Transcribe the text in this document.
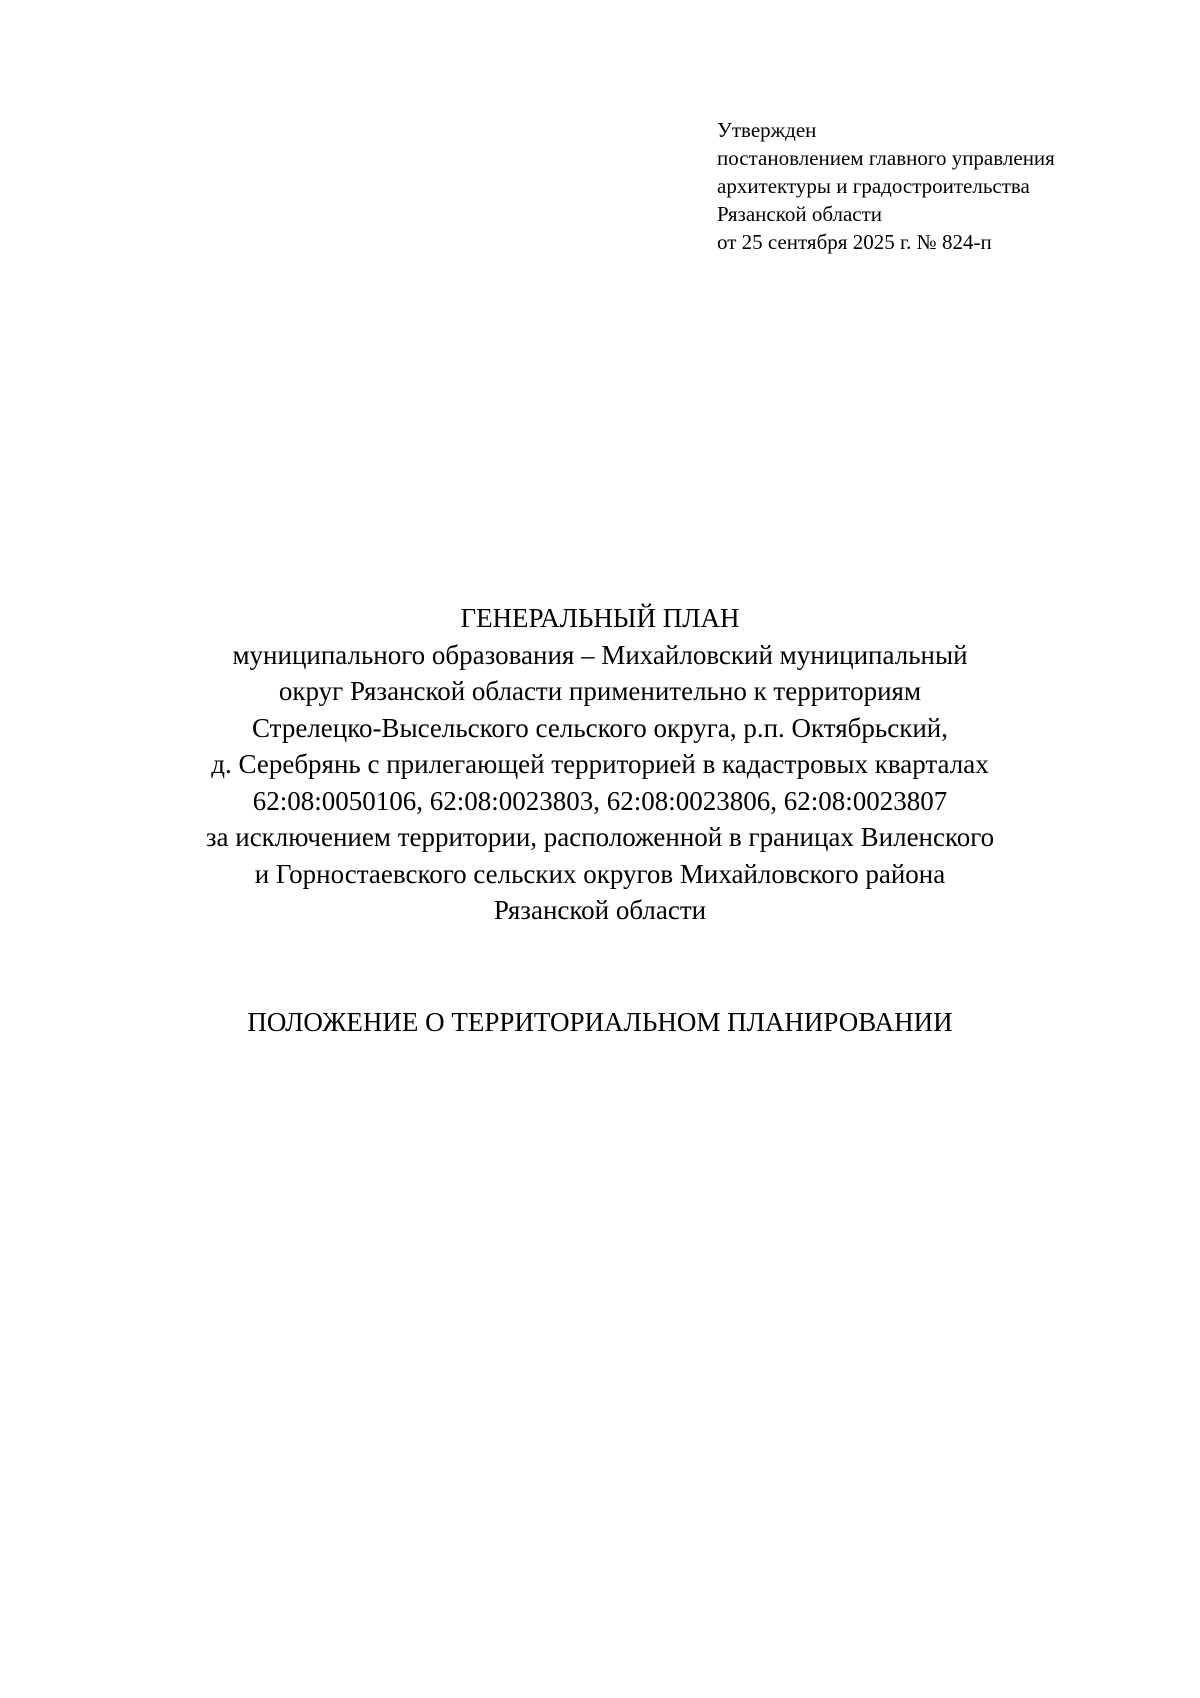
Утвержден
постановлением главного управления
архитектуры и градостроительства
Рязанской области
от 25 сентября 2025 г. № 824-п
ГЕНЕРАЛЬНЫЙ ПЛАН
муниципального образования – Михайловский муниципальный
округ Рязанской области применительно к территориям
Стрелецко-Высельского сельского округа, р.п. Октябрьский,
д. Серебрянь с прилегающей территорией в кадастровых кварталах
62:08:0050106, 62:08:0023803, 62:08:0023806, 62:08:0023807
за исключением территории, расположенной в границах Виленского
и Горностаевского сельских округов Михайловского района
Рязанской области
ПОЛОЖЕНИЕ О ТЕРРИТОРИАЛЬНОМ ПЛАНИРОВАНИИ
